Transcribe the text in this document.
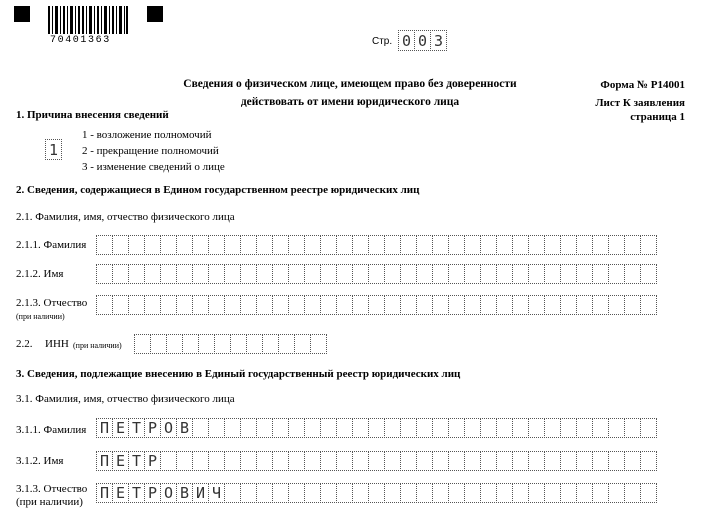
70401363	Стр. 0 0 3
Сведения о физическом лице, имеющем право без доверенности
действовать от имени юридического лица
Форма № Р14001
Лист К заявления
страница 1
1. Причина внесения сведений
1
1 - возложение полномочий
2 - прекращение полномочий
3 - изменение сведений о лице
2. Сведения, содержащиеся в Едином государственном реестре юридических лиц
2.1. Фамилия, имя, отчество физического лица
2.1.1. Фамилия
2.1.2. Имя
2.1.3. Отчество
(при наличии)
2.2. ИНН (при наличии)
3. Сведения, подлежащие внесению в Единый государственный реестр юридических лиц
3.1. Фамилия, имя, отчество физического лица
3.1.1. Фамилия П Е Т Р О В
3.1.2. Имя П Е Т Р
3.1.3. Отчество
(при наличии) П Е Т Р О В И Ч
